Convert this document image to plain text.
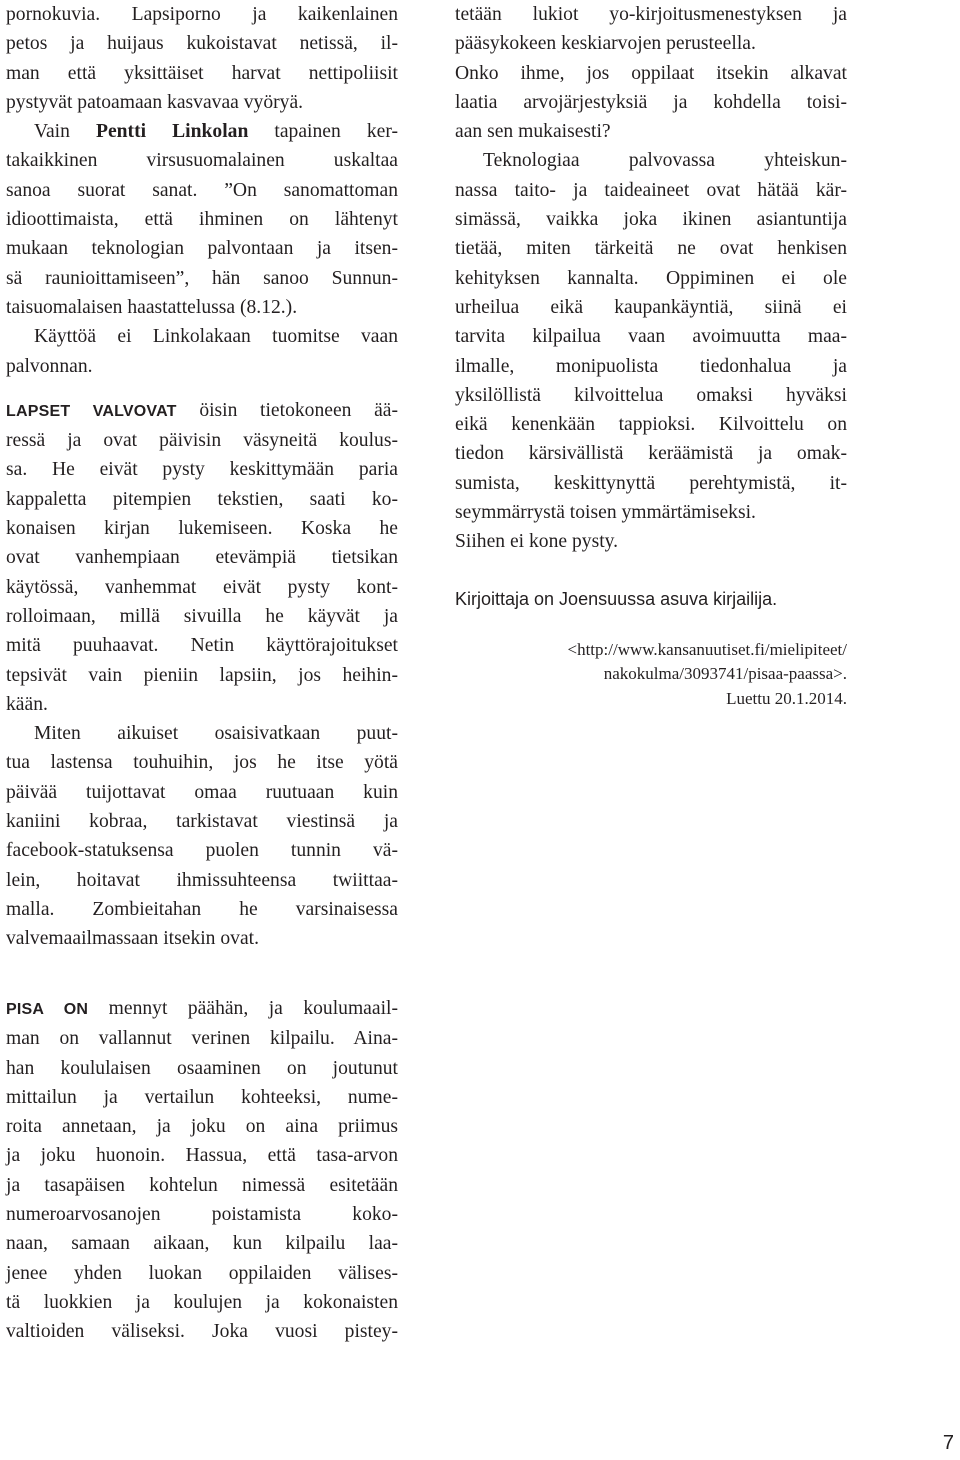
pornokuvia. Lapsiporno ja kaikenlainen
petos ja huijaus kukoistavat netissä, il-
man että yksittäiset harvat nettipoliisit
pystyvät patoamaan kasvavaa vyöryä.
Vain Pentti Linkolan tapainen ker-
takaikkinen virsusuomalainen uskaltaa
sanoa suorat sanat. ”On sanomattoman
idioottimaista, että ihminen on lähtenyt
mukaan teknologian palvontaan ja itsen-
sä raunioittamiseen”, hän sanoo Sunnun-
taisuomalaisen haastattelussa (8.12.).
Käyttöä ei Linkolakaan tuomitse vaan
palvonnan.
LAPSET VALVOVAT öisin tietokoneen ää-
ressä ja ovat päivisin väsyneitä koulus-
sa. He eivät pysty keskittymään paria
kappaletta pitempien tekstien, saati ko-
konaisen kirjan lukemiseen. Koska he
ovat vanhempiaan etevämpiä tietsikan
käytössä, vanhemmat eivät pysty kont-
rolloimaan, millä sivuilla he käyvät ja
mitä puuhaavat. Netin käyttörajoitukset
tepsivät vain pieniin lapsiin, jos heihin-
kään.
Miten aikuiset osaisivatkaan puut-
tua lastensa touhuihin, jos he itse yötä
päivää tuijottavat omaa ruutuaan kuin
kaniini kobraa, tarkistavat viestinsä ja
facebook-statuksensa puolen tunnin vä-
lein, hoitavat ihmissuhteensa twiittaa-
malla. Zombieitahan he varsinaisessa
valvemaailmassaan itsekin ovat.
PISA ON mennyt päähän, ja koulumaail-
man on vallannut verinen kilpailu. Aina-
han koululaisen osaaminen on joutunut
mittailun ja vertailun kohteeksi, nume-
roita annetaan, ja joku on aina priimus
ja joku huonoin. Hassua, että tasa-arvon
ja tasapäisen kohtelun nimessä esitetään
numeroarvosanojen poistamista koko-
naan, samaan aikaan, kun kilpailu laa-
jenee yhden luokan oppilaiden välises-
tä luokkien ja koulujen ja kokonaisten
valtioiden väliseksi. Joka vuosi pistey-
tetään lukiot yo-kirjoitusmenestyksen ja
pääsykokeen keskiarvojen perusteella.
Onko ihme, jos oppilaat itsekin alkavat
laatia arvojärjestyksiä ja kohdella toisi-
aan sen mukaisesti?
Teknologiaa palvovassa yhteiskun-
nassa taito- ja taideaineet ovat hätää kär-
simässä, vaikka joka ikinen asiantuntija
tietää, miten tärkeitä ne ovat henkisen
kehityksen kannalta. Oppiminen ei ole
urheilua eikä kaupankäyntiä, siinä ei
tarvita kilpailua vaan avoimuutta maa-
ilmalle, monipuolista tiedonhalua ja
yksilöllistä kilvoittelua omaksi hyväksi
eikä kenenkään tappioksi. Kilvoittelu on
tiedon kärsivällistä keräämistä ja omak-
sumista, keskittynyttä perehtymistä, it-
seymmärrystä toisen ymmärtämiseksi.
Siihen ei kone pysty.
Kirjoittaja on Joensuussa asuva kirjailija.
<http://www.kansanuutiset.fi/mielipiteet/
nakokulma/3093741/pisaa-paassa>.
Luettu 20.1.2014.
7
